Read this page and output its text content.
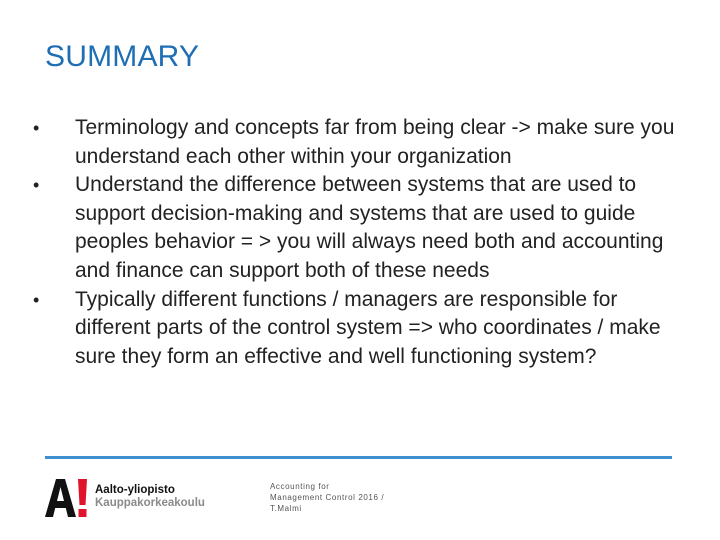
SUMMARY
•	Terminology and concepts far from being clear -> make sure you understand each other within your organization
•	Understand the difference between systems that are used to support decision-making and systems that are used to guide peoples behavior = > you will always need both and accounting and finance can support both of these needs
•	Typically different functions / managers are responsible for different parts of the control system => who coordinates / make sure they form an effective and well functioning system?
Aalto-yliopisto
Kauppakorkeakoulu
Accounting for
Management Control 2016 /
T.Malmi
